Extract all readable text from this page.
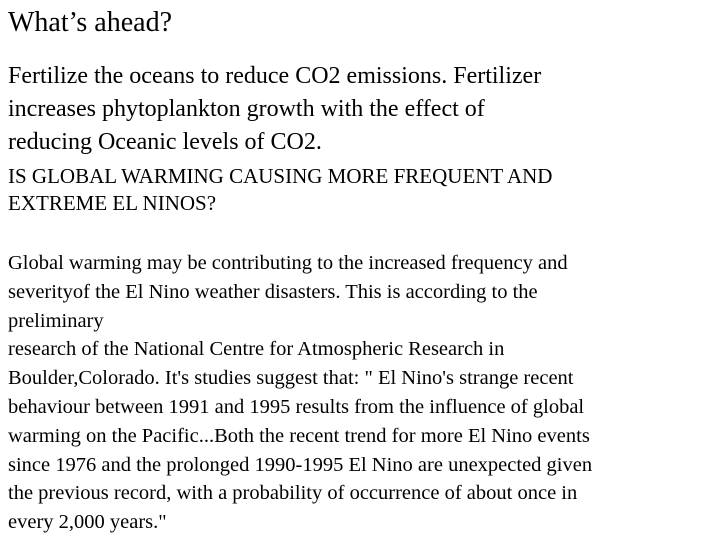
What’s ahead?
Fertilize the oceans to reduce CO2 emissions. Fertilizer
increases phytoplankton growth with the effect of
reducing Oceanic levels of CO2.
IS GLOBAL WARMING CAUSING MORE FREQUENT AND
EXTREME EL NINOS?
Global warming may be contributing to the increased frequency and
severityof the El Nino weather disasters. This is according to the
preliminary
research of the National Centre for Atmospheric Research in
Boulder,Colorado. It's studies suggest that: " El Nino's strange recent
behaviour between 1991 and 1995 results from the influence of global
warming on the Pacific...Both the recent trend for more El Nino events
since 1976 and the prolonged 1990-1995 El Nino are unexpected given
the previous record, with a probability of occurrence of about once in
every 2,000 years."
